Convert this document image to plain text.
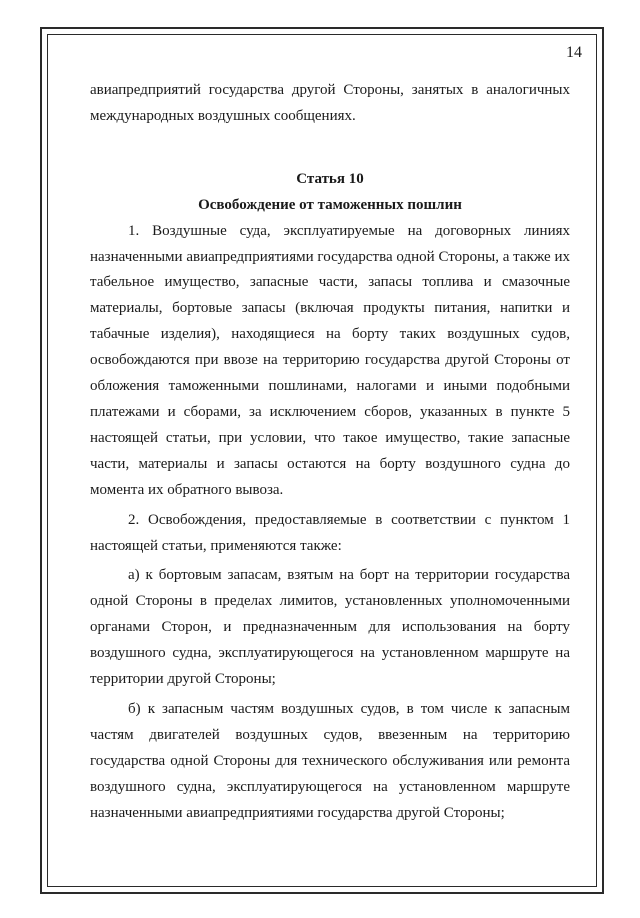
14

авиапредприятий государства другой Стороны, занятых в аналогичных международных воздушных сообщениях.

Статья 10
Освобождение от таможенных пошлин

1. Воздушные суда, эксплуатируемые на договорных линиях назначенными авиапредприятиями государства одной Стороны, а также их табельное имущество, запасные части, запасы топлива и смазочные материалы, бортовые запасы (включая продукты питания, напитки и табачные изделия), находящиеся на борту таких воздушных судов, освобождаются при ввозе на территорию государства другой Стороны от обложения таможенными пошлинами, налогами и иными подобными платежами и сборами, за исключением сборов, указанных в пункте 5 настоящей статьи, при условии, что такое имущество, такие запасные части, материалы и запасы остаются на борту воздушного судна до момента их обратного вывоза.

2. Освобождения, предоставляемые в соответствии с пунктом 1 настоящей статьи, применяются также:

а) к бортовым запасам, взятым на борт на территории государства одной Стороны в пределах лимитов, установленных уполномоченными органами Сторон, и предназначенным для использования на борту воздушного судна, эксплуатирующегося на установленном маршруте на территории другой Стороны;

б) к запасным частям воздушных судов, в том числе к запасным частям двигателей воздушных судов, ввезенным на территорию государства одной Стороны для технического обслуживания или ремонта воздушного судна, эксплуатирующегося на установленном маршруте назначенными авиапредприятиями государства другой Стороны;
